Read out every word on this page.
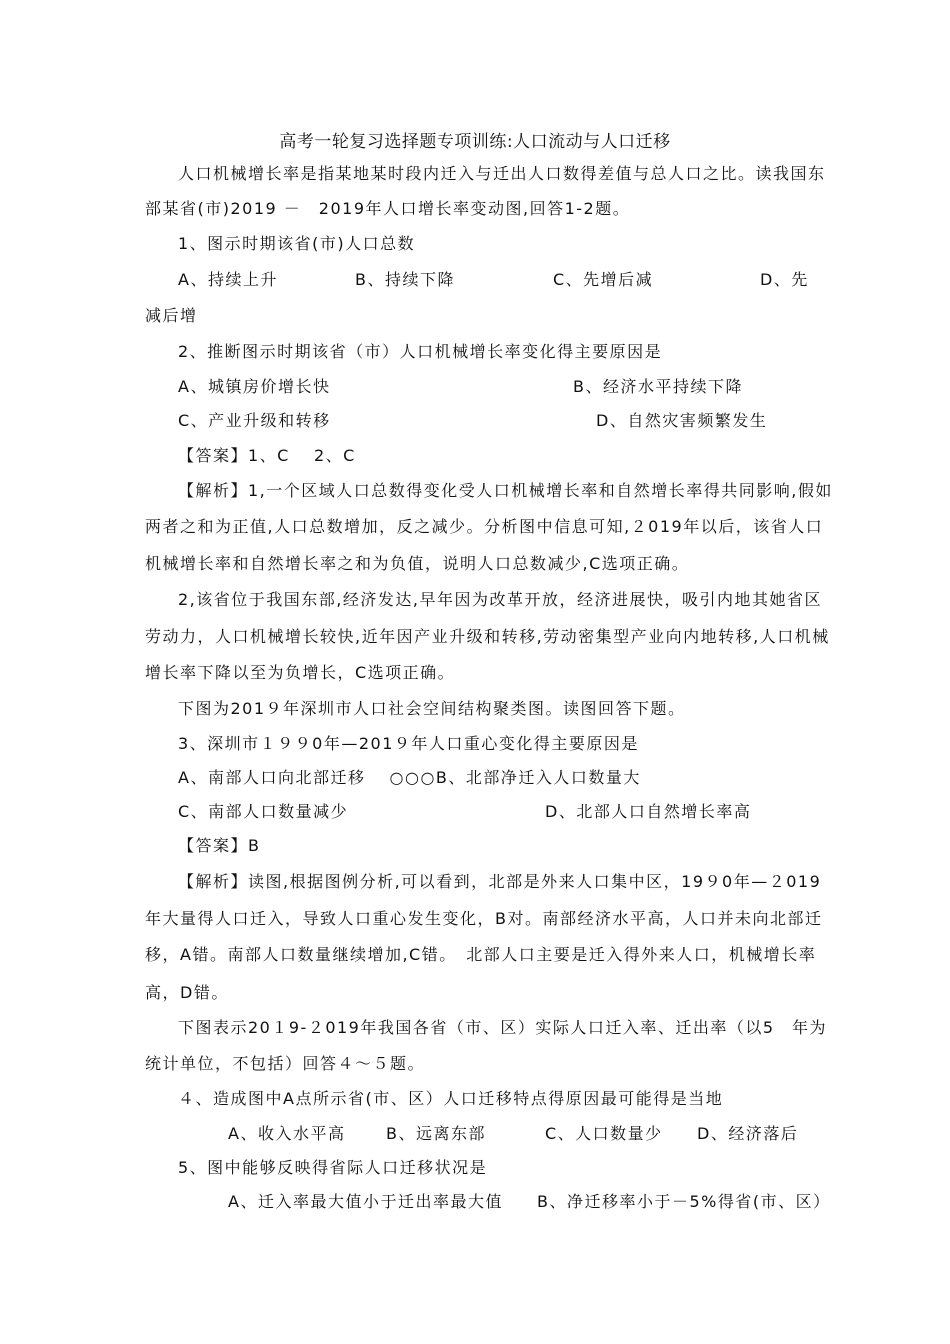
高考一轮复习选择题专项训练:人口流动与人口迁移
人口机械增长率是指某地某时段内迁入与迁出人口数得差值与总人口之比。读我国东
部某省(市)2019 －　2019年人口增长率变动图,回答1-2题。
1、图示时期该省(市)人口总数
A、持续上升	B、持续下降	C、先增后减	D、先
减后增
2、推断图示时期该省（市）人口机械增长率变化得主要原因是
A、城镇房价增长快	B、经济水平持续下降
C、产业升级和转移	D、自然灾害频繁发生
【答案】1、C　 2、C
【解析】1,一个区域人口总数得变化受人口机械增长率和自然增长率得共同影响,假如
两者之和为正值,人口总数增加，反之减少。分析图中信息可知,２019年以后，该省人口
机械增长率和自然增长率之和为负值，说明人口总数减少,C选项正确。
2,该省位于我国东部,经济发达,早年因为改革开放，经济进展快，吸引内地其她省区
劳动力，人口机械增长较快,近年因产业升级和转移,劳动密集型产业向内地转移,人口机械
增长率下降以至为负增长，C选项正确。
下图为201９年深圳市人口社会空间结构聚类图。读图回答下题。
3、深圳市１９９0年—201９年人口重心变化得主要原因是
A、南部人口向北部迁移　 ○○○B、北部净迁入人口数量大
C、南部人口数量减少	D、北部人口自然增长率高
【答案】B
【解析】读图,根据图例分析,可以看到，北部是外来人口集中区，19９0年—２019
年大量得人口迁入，导致人口重心发生变化，B对。南部经济水平高，人口并未向北部迁
移，A错。南部人口数量继续增加,C错。　北部人口主要是迁入得外来人口，机械增长率
高，D错。
下图表示20１9-２019年我国各省（市、区）实际人口迁入率、迁出率（以5　年为
统计单位，不包括）回答４～５题。
４、造成图中A点所示省(市、区）人口迁移特点得原因最可能得是当地
A、收入水平高	B、远离东部	C、人口数量少 D、经济落后
5、图中能够反映得省际人口迁移状况是
A、迁入率最大值小于迁出率最大值 B、净迁移率小于－5%得省(市、区）
